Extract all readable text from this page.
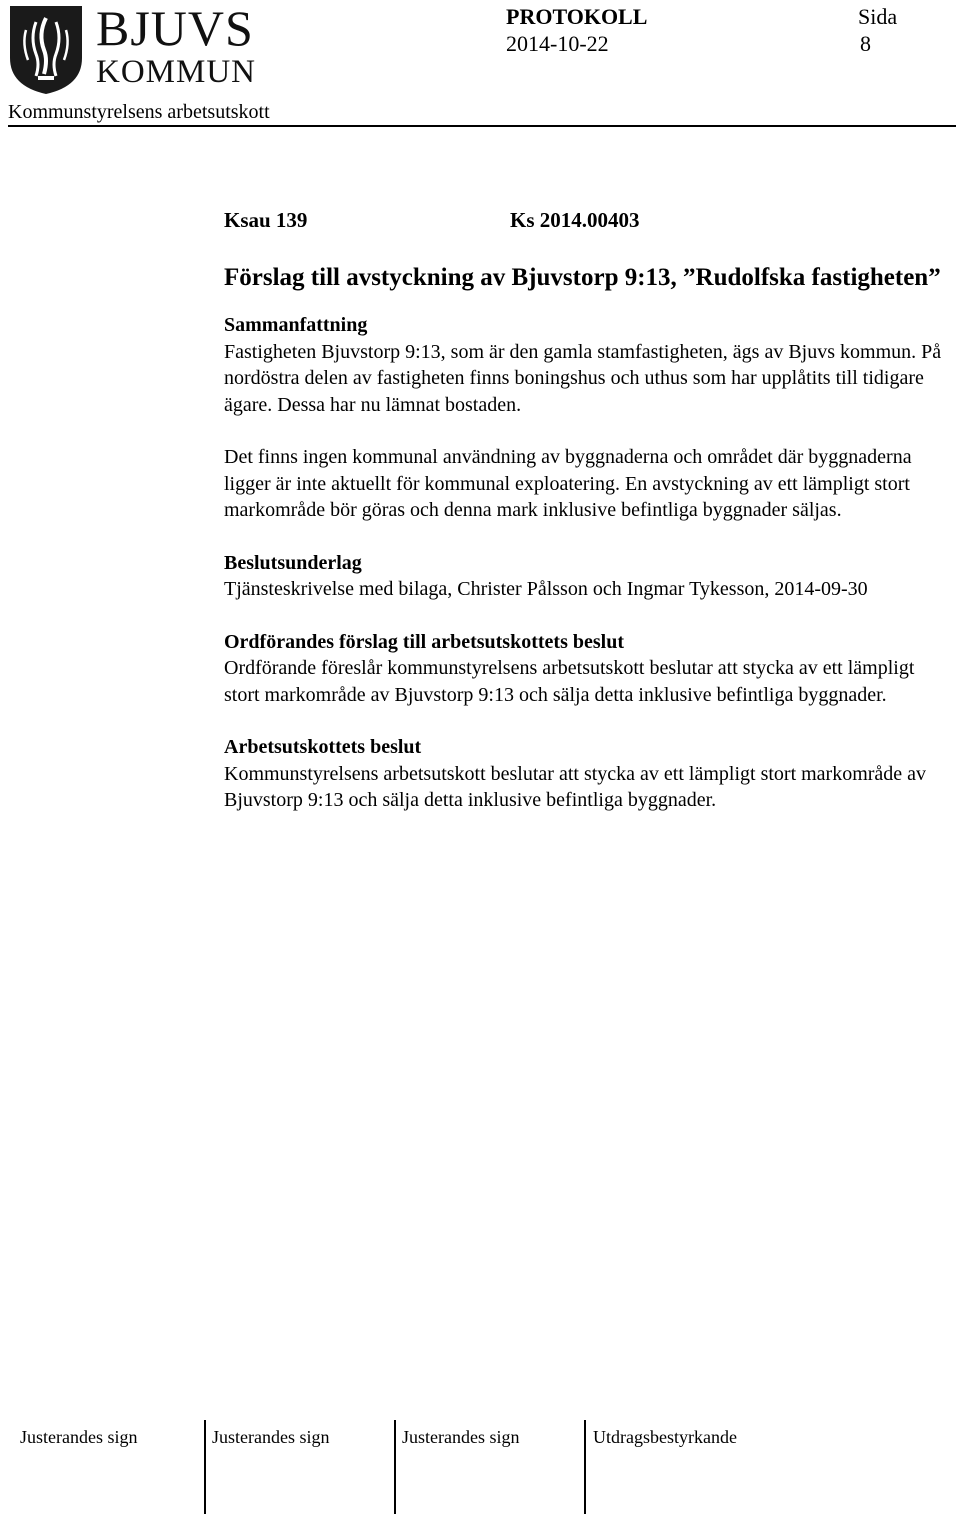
BJUVS
KOMMUN
PROTOKOLL
2014-10-22
Sida
8
Kommunstyrelsens arbetsutskott
Ksau 139	Ks 2014.00403
Förslag till avstyckning av Bjuvstorp 9:13, ”Rudolfska fastigheten”
Sammanfattning

Fastigheten Bjuvstorp 9:13, som är den gamla stamfastigheten, ägs av Bjuvs kommun. På nordöstra delen av fastigheten finns boningshus och uthus som har upplåtits till tidigare ägare. Dessa har nu lämnat bostaden.

Det finns ingen kommunal användning av byggnaderna och området där byggnaderna ligger är inte aktuellt för kommunal exploatering. En avstyckning av ett lämpligt stort markområde bör göras och denna mark inklusive befintliga byggnader säljas.

Beslutsunderlag

Tjänsteskrivelse med bilaga, Christer Pålsson och Ingmar Tykesson, 2014-09-30

Ordförandes förslag till arbetsutskottets beslut

Ordförande föreslår kommunstyrelsens arbetsutskott beslutar att stycka av ett lämpligt stort markområde av Bjuvstorp 9:13 och sälja detta inklusive befintliga byggnader.

Arbetsutskottets beslut

Kommunstyrelsens arbetsutskott beslutar att stycka av ett lämpligt stort markområde av Bjuvstorp 9:13 och sälja detta inklusive befintliga byggnader.

Justerandes sign	Justerandes sign	Justerandes sign	Utdragsbestyrkande
